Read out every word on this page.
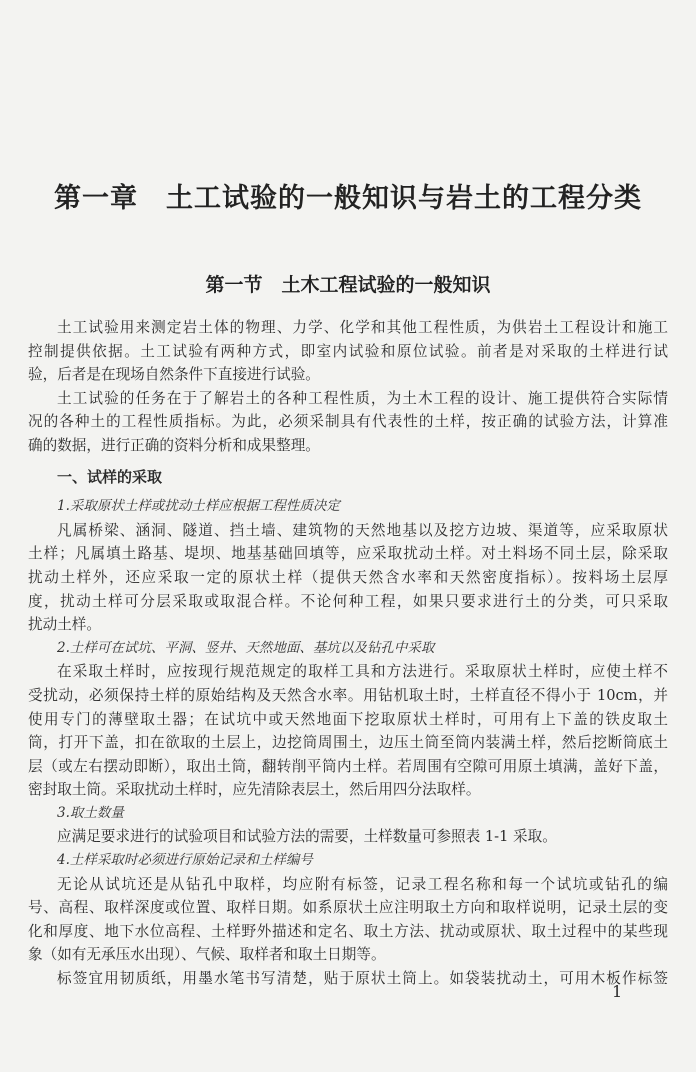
第一章　土工试验的一般知识与岩土的工程分类
第一节　土木工程试验的一般知识
土工试验用来测定岩土体的物理、力学、化学和其他工程性质，为供岩土工程设计和施工
控制提供依据。土工试验有两种方式，即室内试验和原位试验。前者是对采取的土样进行试
验，后者是在现场自然条件下直接进行试验。
土工试验的任务在于了解岩土的各种工程性质，为土木工程的设计、施工提供符合实际情
况的各种土的工程性质指标。为此，必须采制具有代表性的土样，按正确的试验方法，计算准
确的数据，进行正确的资料分析和成果整理。
一、试样的采取
1.采取原状土样或扰动土样应根据工程性质决定
凡属桥梁、涵洞、隧道、挡土墙、建筑物的天然地基以及挖方边坡、渠道等，应采取原状
土样；凡属填土路基、堤坝、地基基础回填等，应采取扰动土样。对土料场不同土层，除采取
扰动土样外，还应采取一定的原状土样（提供天然含水率和天然密度指标）。按料场土层厚
度，扰动土样可分层采取或取混合样。不论何种工程，如果只要求进行土的分类，可只采取
扰动土样。
2.土样可在试坑、平洞、竖井、天然地面、基坑以及钻孔中采取
在采取土样时，应按现行规范规定的取样工具和方法进行。采取原状土样时，应使土样不
受扰动，必须保持土样的原始结构及天然含水率。用钻机取土时，土样直径不得小于 10cm，并
使用专门的薄壁取土器；在试坑中或天然地面下挖取原状土样时，可用有上下盖的铁皮取土
筒，打开下盖，扣在欲取的土层上，边挖筒周围土，边压土筒至筒内装满土样，然后挖断筒底土
层（或左右摆动即断），取出土筒，翻转削平筒内土样。若周围有空隙可用原土填满，盖好下盖，
密封取土筒。采取扰动土样时，应先清除表层土，然后用四分法取样。
3.取土数量
应满足要求进行的试验项目和试验方法的需要，土样数量可参照表 1-1 采取。
4.土样采取时必须进行原始记录和土样编号
无论从试坑还是从钻孔中取样，均应附有标签，记录工程名称和每一个试坑或钻孔的编
号、高程、取样深度或位置、取样日期。如系原状土应注明取土方向和取样说明，记录土层的变
化和厚度、地下水位高程、土样野外描述和定名、取土方法、扰动或原状、取土过程中的某些现
象（如有无承压水出现）、气候、取样者和取土日期等。
标签宜用韧质纸，用墨水笔书写清楚，贴于原状土筒上。如袋装扰动土，可用木板作标签
1
